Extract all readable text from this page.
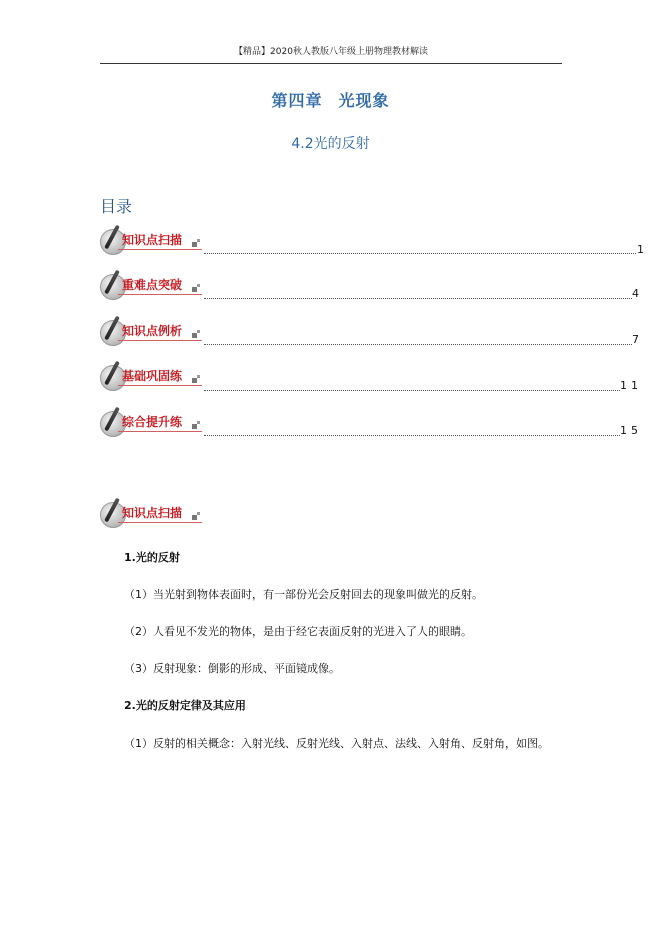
【精品】2020秋人教版八年级上册物理教材解读
第四章 光现象
4.2光的反射
目录
知识点扫描
1
重难点突破
4
知识点例析
7
基础巩固练
11
综合提升练
15
知识点扫描
1.光的反射
（1）当光射到物体表面时，有一部份光会反射回去的现象叫做光的反射。
（2）人看见不发光的物体，是由于经它表面反射的光进入了人的眼睛。
（3）反射现象：倒影的形成、平面镜成像。
2.光的反射定律及其应用
（1）反射的相关概念：入射光线、反射光线、入射点、法线、入射角、反射角，如图。
